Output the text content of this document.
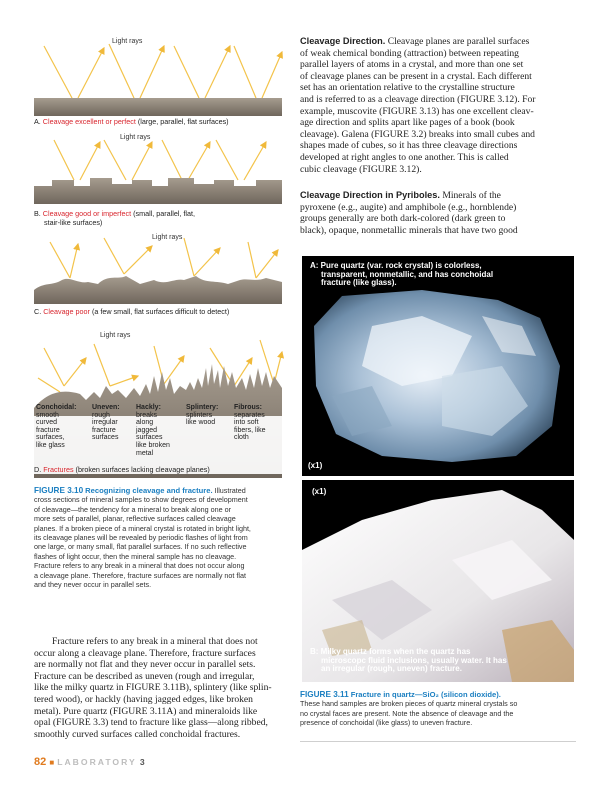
Light rays
A. Cleavage excellent or perfect (large, parallel, flat surfaces)
Light rays
B. Cleavage good or imperfect (small, parallel, flat,
stair-like surfaces)
Light rays
C. Cleavage poor (a few small, flat surfaces difficult to detect)
Light rays
Conchoidal:
smooth
curved
fracture
surfaces,
like glass
Uneven:
rough
irregular
fracture
surfaces
Hackly:
breaks
along
jagged
surfaces
like broken
metal
Splintery:
splinters
like wood
Fibrous:
separates
into soft
fibers, like
cloth
D. Fractures (broken surfaces lacking cleavage planes)
FIGURE 3.10 Recognizing cleavage and fracture. Illustrated
cross sections of mineral samples to show degrees of development
of cleavage—the tendency for a mineral to break along one or
more sets of parallel, planar, reflective surfaces called cleavage
planes. If a broken piece of a mineral crystal is rotated in bright light,
its cleavage planes will be revealed by periodic flashes of light from
one large, or many small, flat parallel surfaces. If no such reflective
flashes of light occur, then the mineral sample has no cleavage.
Fracture refers to any break in a mineral that does not occur along
a cleavage plane. Therefore, fracture surfaces are normally not flat
and they never occur in parallel sets.
Fracture refers to any break in a mineral that does not
occur along a cleavage plane. Therefore, fracture surfaces
are normally not flat and they never occur in parallel sets.
Fracture can be described as uneven (rough and irregular,
like the milky quartz in FIGURE 3.11B), splintery (like splin-
tered wood), or hackly (having jagged edges, like broken
metal). Pure quartz (FIGURE 3.11A) and mineraloids like
opal (FIGURE 3.3) tend to fracture like glass—along ribbed,
smoothly curved surfaces called conchoidal fractures.
Cleavage Direction. Cleavage planes are parallel surfaces
of weak chemical bonding (attraction) between repeating
parallel layers of atoms in a crystal, and more than one set
of cleavage planes can be present in a crystal. Each different
set has an orientation relative to the crystalline structure
and is referred to as a cleavage direction (FIGURE 3.12). For
example, muscovite (FIGURE 3.13) has one excellent cleav-
age direction and splits apart like pages of a book (book
cleavage). Galena (FIGURE 3.2) breaks into small cubes and
shapes made of cubes, so it has three cleavage directions
developed at right angles to one another. This is called
cubic cleavage (FIGURE 3.12).
Cleavage Direction in Pyriboles. Minerals of the
pyroxene (e.g., augite) and amphibole (e.g., hornblende)
groups generally are both dark-colored (dark green to
black), opaque, nonmetallic minerals that have two good
A: Pure quartz (var. rock crystal) is colorless,
transparent, nonmetallic, and has conchoidal
fracture (like glass).
(x1)
(x1)
B: Milky quartz forms when the quartz has
microscopc fluid inclusions, usually water. It has
an irregular (rough, uneven) fracture.
FIGURE 3.11 Fracture in quartz—SiO₂ (silicon dioxide).
These hand samples are broken pieces of quartz mineral crystals so
no crystal faces are present. Note the absence of cleavage and the
presence of conchoidal (like glass) to uneven fracture.
82 ■ LABORATORY 3
